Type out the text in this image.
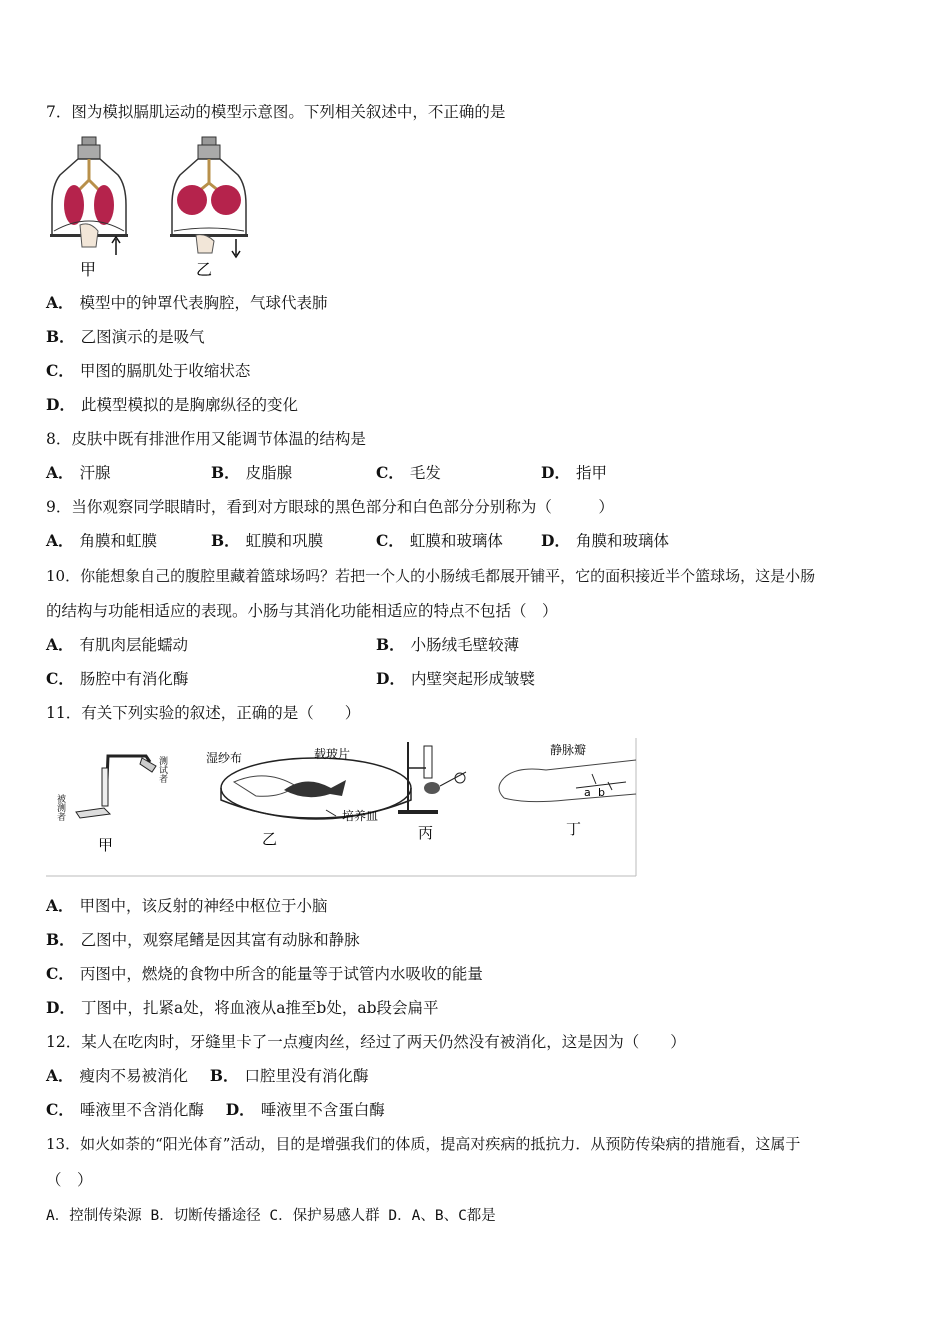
7．图为模拟膈肌运动的模型示意图。下列相关叙述中，不正确的是
甲	乙
A． 模型中的钟罩代表胸腔，气球代表肺
B． 乙图演示的是吸气
C． 甲图的膈肌处于收缩状态
D． 此模型模拟的是胸廓纵径的变化
8．皮肤中既有排泄作用又能调节体温的结构是
A． 汗腺	B． 皮脂腺	C． 毛发	D． 指甲
9．当你观察同学眼睛时，看到对方眼球的黑色部分和白色部分分别称为（　　　）
A． 角膜和虹膜	B． 虹膜和巩膜	C． 虹膜和玻璃体 D． 角膜和玻璃体
10．你能想象自己的腹腔里藏着篮球场吗？若把一个人的小肠绒毛都展开铺平，它的面积接近半个篮球场，这是小肠
的结构与功能相适应的表现。小肠与其消化功能相适应的特点不包括（　）
A． 有肌肉层能蠕动	B． 小肠绒毛壁较薄
C． 肠腔中有消化酶	D． 内壁突起形成皱襞
11．有关下列实验的叙述，正确的是（　　）
测试者
被测者
甲
湿纱布	载玻片
培养皿
乙	丙
静脉瓣
a b
丁
A． 甲图中，该反射的神经中枢位于小脑
B． 乙图中，观察尾鳍是因其富有动脉和静脉
C． 丙图中，燃烧的食物中所含的能量等于试管内水吸收的能量
D． 丁图中，扎紧a处，将血液从a推至b处，ab段会扁平
12．某人在吃肉时，牙缝里卡了一点瘦肉丝，经过了两天仍然没有被消化，这是因为（　　）
A． 瘦肉不易被消化 B． 口腔里没有消化酶
C． 唾液里不含消化酶 D． 唾液里不含蛋白酶
13．如火如荼的“阳光体育”活动，目的是增强我们的体质，提高对疾病的抵抗力．从预防传染病的措施看，这属于
（　）
A．控制传染源 B．切断传播途径 C．保护易感人群 D．A、B、C都是
